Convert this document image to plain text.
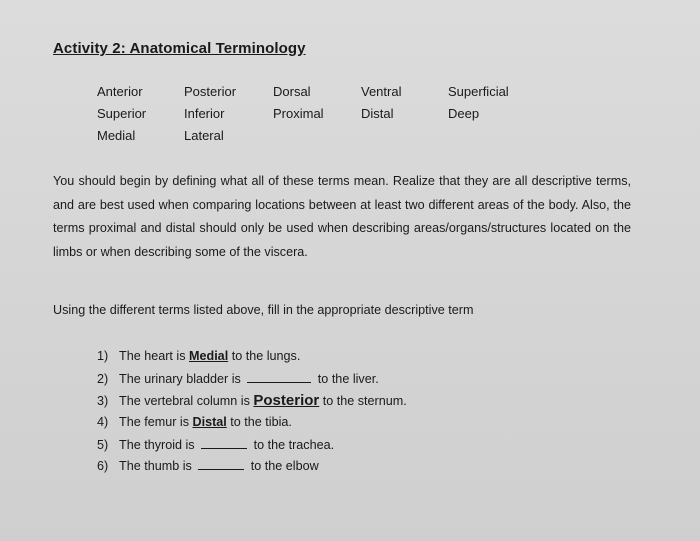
Activity 2: Anatomical Terminology
Anterior	Posterior	Dorsal	Ventral	Superficial
Superior	Inferior	Proximal	Distal	Deep
Medial	Lateral
You should begin by defining what all of these terms mean. Realize that they are all descriptive terms, and are best used when comparing locations between at least two different areas of the body. Also, the terms proximal and distal should only be used when describing areas/organs/structures located on the limbs or when describing some of the viscera.
Using the different terms listed above, fill in the appropriate descriptive term
1) The heart is Medial to the lungs.
2) The urinary bladder is	to the liver.
3) The vertebral column is Posterior to the sternum.
4) The femur is Distal to the tibia.
5) The thyroid is	to the trachea.
6) The thumb is	to the elbow
